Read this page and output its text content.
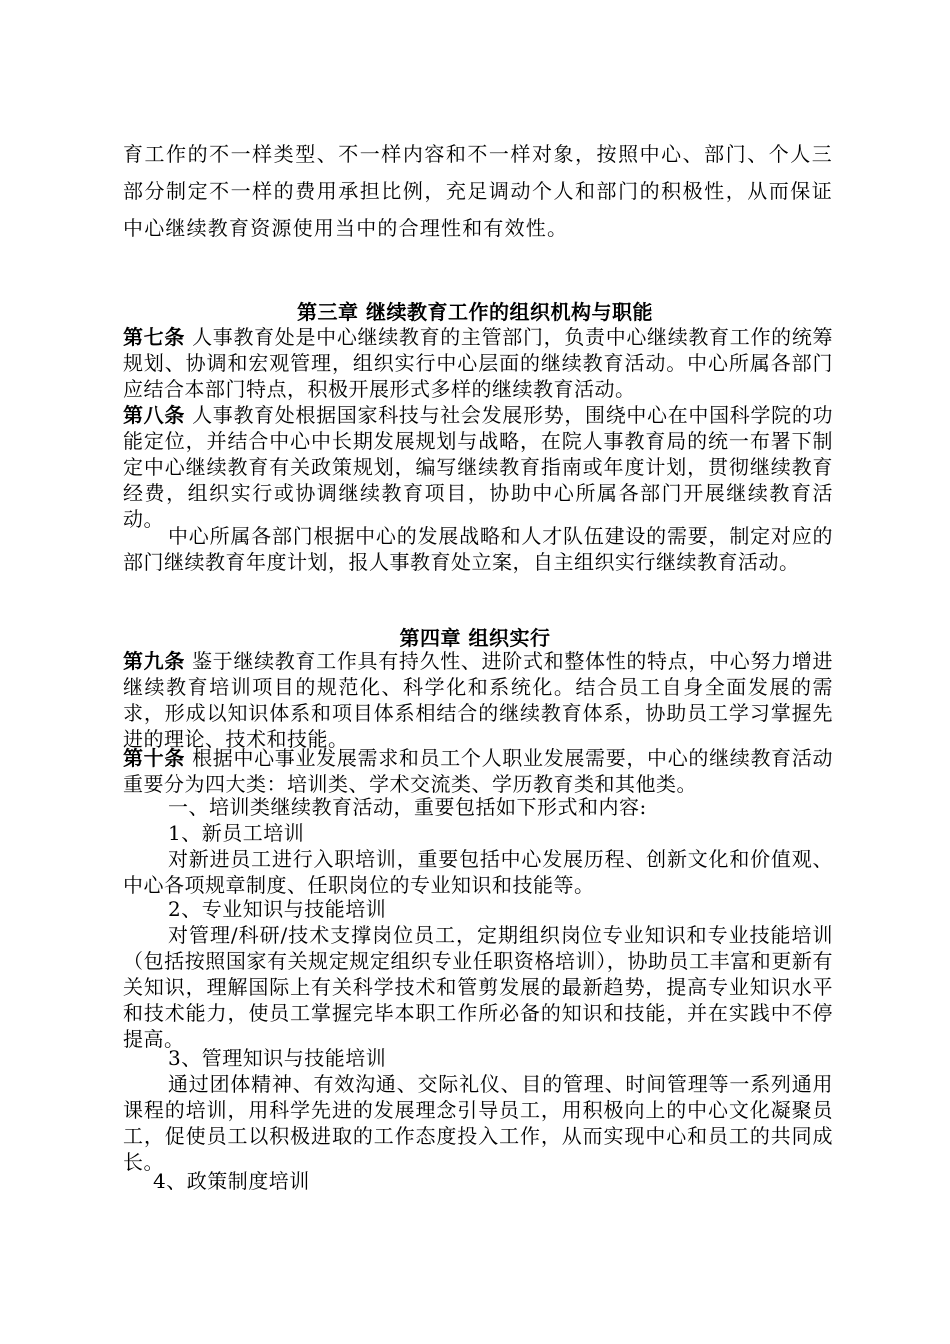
育工作的不一样类型、不一样内容和不一样对象，按照中心、部门、个人三部分制定不一样的费用承担比例，充足调动个人和部门的积极性，从而保证中心继续教育资源使用当中的合理性和有效性。
第三章 继续教育工作的组织机构与职能
第七条 人事教育处是中心继续教育的主管部门，负责中心继续教育工作的统筹规划、协调和宏观管理，组织实行中心层面的继续教育活动。中心所属各部门应结合本部门特点，积极开展形式多样的继续教育活动。
第八条 人事教育处根据国家科技与社会发展形势，围绕中心在中国科学院的功能定位，并结合中心中长期发展规划与战略，在院人事教育局的统一布署下制定中心继续教育有关政策规划，编写继续教育指南或年度计划，贯彻继续教育经费，组织实行或协调继续教育项目，协助中心所属各部门开展继续教育活动。
中心所属各部门根据中心的发展战略和人才队伍建设的需要，制定对应的部门继续教育年度计划，报人事教育处立案，自主组织实行继续教育活动。
第四章 组织实行
第九条 鉴于继续教育工作具有持久性、进阶式和整体性的特点，中心努力增进继续教育培训项目的规范化、科学化和系统化。结合员工自身全面发展的需求，形成以知识体系和项目体系相结合的继续教育体系，协助员工学习掌握先进的理论、技术和技能。
第十条 根据中心事业发展需求和员工个人职业发展需要，中心的继续教育活动重要分为四大类：培训类、学术交流类、学历教育类和其他类。
一、培训类继续教育活动，重要包括如下形式和内容:
1、新员工培训
对新进员工进行入职培训，重要包括中心发展历程、创新文化和价值观、中心各项规章制度、任职岗位的专业知识和技能等。
2、专业知识与技能培训
对管理/科研/技术支撑岗位员工，定期组织岗位专业知识和专业技能培训（包括按照国家有关规定规定组织专业任职资格培训），协助员工丰富和更新有关知识，理解国际上有关科学技术和管剪发展的最新趋势，提高专业知识水平和技术能力，使员工掌握完毕本职工作所必备的知识和技能，并在实践中不停提高。
3、管理知识与技能培训
通过团体精神、有效沟通、交际礼仪、目的管理、时间管理等一系列通用课程的培训，用科学先进的发展理念引导员工，用积极向上的中心文化凝聚员工，促使员工以积极进取的工作态度投入工作，从而实现中心和员工的共同成长。
4、政策制度培训
